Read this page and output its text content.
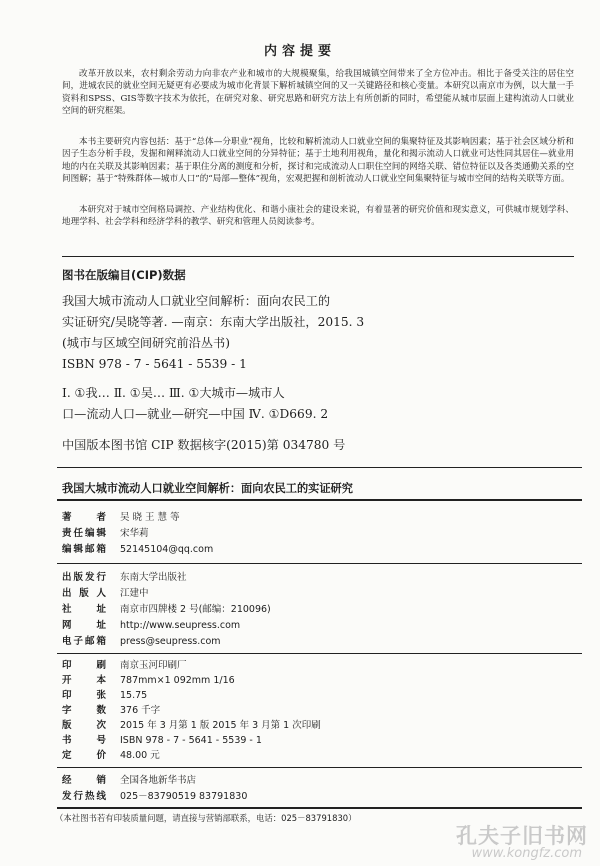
内容提要
改革开放以来，农村剩余劳动力向非农产业和城市的大规模聚集，给我国城镇空间带来了全方位冲击。相比于备受关注的居住空间，进城农民的就业空间无疑更有必要成为城市化背景下解析城镇空间的又一关键路径和核心变量。本研究以南京市为例，以大量一手资料和SPSS、GIS等数字技术为依托，在研究对象、研究思路和研究方法上有所创新的同时，希望能从城市层面上建构流动人口就业空间的研究框架。
本书主要研究内容包括：基于“总体—分职业”视角，比较和解析流动人口就业空间的集聚特征及其影响因素；基于社会区域分析和因子生态分析手段，发掘和阐释流动人口就业空间的分异特征；基于土地利用视角，量化和揭示流动人口就业可达性同其居住—就业用地的内在关联及其影响因素；基于职住分离的测度和分析，探讨和完成流动人口职住空间的网络关联、错位特征以及各类通勤关系的空间图解；基于“特殊群体—城市人口”的“局部—整体”视角，宏观把握和剖析流动人口就业空间集聚特征与城市空间的结构关联等方面。
本研究对于城市空间格局调控、产业结构优化、和谐小康社会的建设来说，有着显著的研究价值和现实意义，可供城市规划学科、地理学科、社会学科和经济学科的教学、研究和管理人员阅读参考。
图书在版编目(CIP)数据
我国大城市流动人口就业空间解析：面向农民工的
实证研究/吴晓等著. —南京：东南大学出版社，2015. 3
(城市与区域空间研究前沿丛书)
ISBN 978 - 7 - 5641 - 5539 - 1
Ⅰ. ①我… Ⅱ. ①吴… Ⅲ. ①大城市—城市人
口—流动人口—就业—研究—中国 Ⅳ. ①D669. 2
中国版本图书馆 CIP 数据核字(2015)第 034780 号
我国大城市流动人口就业空间解析：面向农民工的实证研究
著者 吴 晓 王 慧 等
责任编辑 宋华莉
编辑邮箱 52145104@qq.com
出版发行 东南大学出版社
出版人 江建中
社址 南京市四牌楼 2 号(邮编：210096)
网址 http://www.seupress.com
电子邮箱 press@seupress.com
印刷 南京玉河印刷厂
开本 787mm×1 092mm 1/16
印张 15.75
字数 376 千字
版次 2015 年 3 月第 1 版 2015 年 3 月第 1 次印刷
书号 ISBN 978 - 7 - 5641 - 5539 - 1
定价 48.00 元
经销 全国各地新华书店
发行热线 025－83790519 83791830
（本社图书若有印装质量问题，请直接与营销部联系，电话：025－83791830）
孔夫子旧书网
www.kongfz.com
